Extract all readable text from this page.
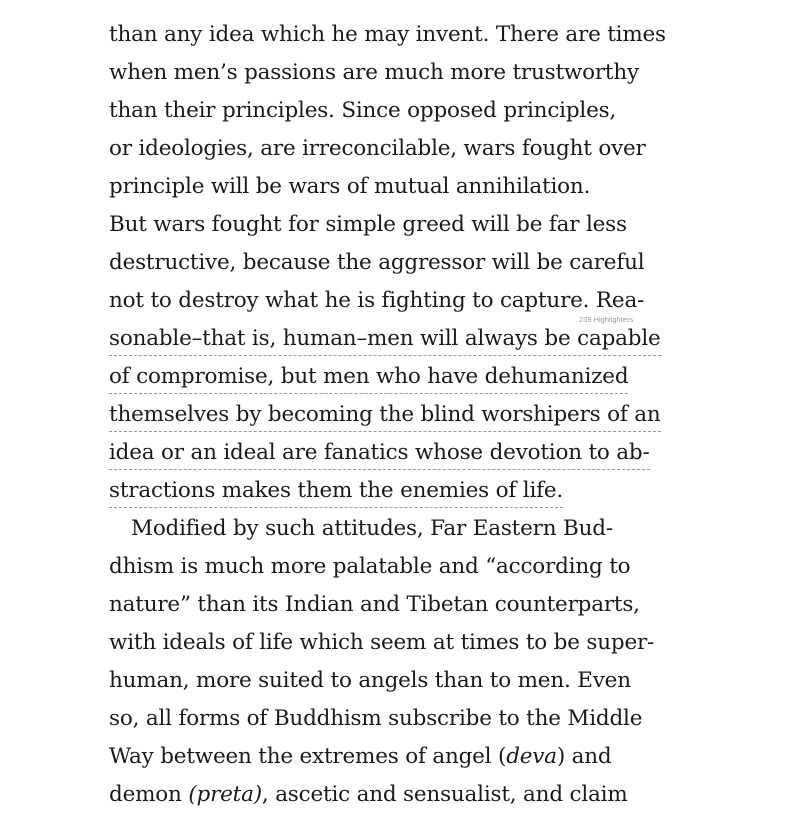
than any idea which he may invent. There are times
when men’s passions are much more trustworthy
than their principles. Since opposed principles,
or ideologies, are irreconcilable, wars fought over
principle will be wars of mutual annihilation.
But wars fought for simple greed will be far less
destructive, because the aggressor will be careful
not to destroy what he is fighting to capture. Rea-
sonable–that is, human–men will always be capable
of compromise, but men who have dehumanized
themselves by becoming the blind worshipers of an
idea or an ideal are fanatics whose devotion to ab-
stractions makes them the enemies of life.
Modified by such attitudes, Far Eastern Bud-
dhism is much more palatable and “according to
nature” than its Indian and Tibetan counterparts,
with ideals of life which seem at times to be super-
human, more suited to angels than to men. Even
so, all forms of Buddhism subscribe to the Middle
Way between the extremes of angel (deva) and
demon (preta), ascetic and sensualist, and claim
239 Highlighters
